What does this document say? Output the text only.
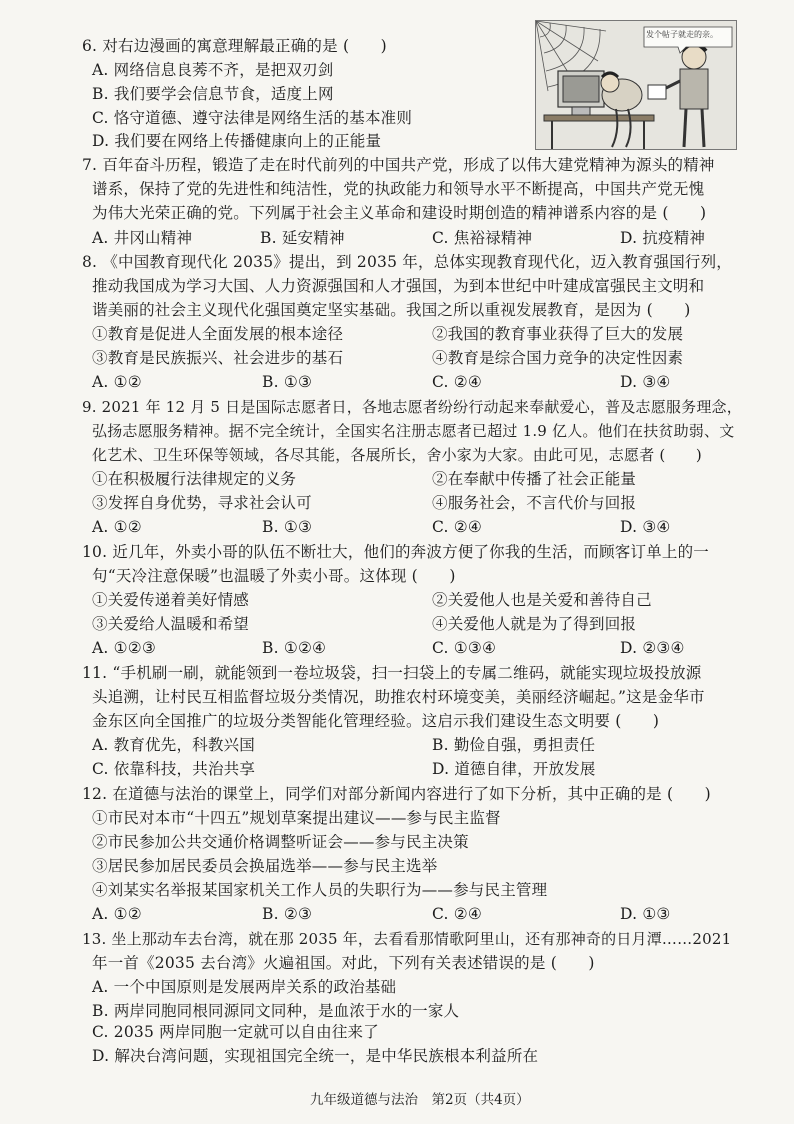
6. 对右边漫画的寓意理解最正确的是 (　　)
A. 网络信息良莠不齐，是把双刃剑
B. 我们要学会信息节食，适度上网
C. 恪守道德、遵守法律是网络生活的基本准则
D. 我们要在网络上传播健康向上的正能量
发个帖子就走的亲。
7. 百年奋斗历程，锻造了走在时代前列的中国共产党，形成了以伟大建党精神为源头的精神
谱系，保持了党的先进性和纯洁性，党的执政能力和领导水平不断提高，中国共产党无愧
为伟大光荣正确的党。下列属于社会主义革命和建设时期创造的精神谱系内容的是 (　　)
A. 井冈山精神	B. 延安精神	C. 焦裕禄精神	D. 抗疫精神
8. 《中国教育现代化 2035》提出，到 2035 年，总体实现教育现代化，迈入教育强国行列，
推动我国成为学习大国、人力资源强国和人才强国，为到本世纪中叶建成富强民主文明和
谐美丽的社会主义现代化强国奠定坚实基础。我国之所以重视发展教育，是因为 (　　)
①教育是促进人全面发展的根本途径	②我国的教育事业获得了巨大的发展
③教育是民族振兴、社会进步的基石	④教育是综合国力竞争的决定性因素
A. ①②	B. ①③	C. ②④	D. ③④
9. 2021 年 12 月 5 日是国际志愿者日，各地志愿者纷纷行动起来奉献爱心，普及志愿服务理念，
弘扬志愿服务精神。据不完全统计，全国实名注册志愿者已超过 1.9 亿人。他们在扶贫助弱、文
化艺术、卫生环保等领域，各尽其能，各展所长，舍小家为大家。由此可见，志愿者 (　　)
①在积极履行法律规定的义务	②在奉献中传播了社会正能量
③发挥自身优势，寻求社会认可	④服务社会，不言代价与回报
A. ①②	B. ①③	C. ②④	D. ③④
10. 近几年，外卖小哥的队伍不断壮大，他们的奔波方便了你我的生活，而顾客订单上的一
句“天冷注意保暖”也温暖了外卖小哥。这体现 (　　)
①关爱传递着美好情感	②关爱他人也是关爱和善待自己
③关爱给人温暖和希望	④关爱他人就是为了得到回报
A. ①②③	B. ①②④	C. ①③④	D. ②③④
11. “手机刷一刷，就能领到一卷垃圾袋，扫一扫袋上的专属二维码，就能实现垃圾投放源
头追溯，让村民互相监督垃圾分类情况，助推农村环境变美，美丽经济崛起。”这是金华市
金东区向全国推广的垃圾分类智能化管理经验。这启示我们建设生态文明要 (　　)
A. 教育优先，科教兴国	B. 勤俭自强，勇担责任
C. 依靠科技，共治共享	D. 道德自律，开放发展
12. 在道德与法治的课堂上，同学们对部分新闻内容进行了如下分析，其中正确的是 (　　)
①市民对本市“十四五”规划草案提出建议——参与民主监督
②市民参加公共交通价格调整听证会——参与民主决策
③居民参加居民委员会换届选举——参与民主选举
④刘某实名举报某国家机关工作人员的失职行为——参与民主管理
A. ①②	B. ②③	C. ②④	D. ①③
13. 坐上那动车去台湾，就在那 2035 年，去看看那情歌阿里山，还有那神奇的日月潭……2021
年一首《2035 去台湾》火遍祖国。对此，下列有关表述错误的是 (　　)
A. 一个中国原则是发展两岸关系的政治基础
B. 两岸同胞同根同源同文同种，是血浓于水的一家人
C. 2035 两岸同胞一定就可以自由往来了
D. 解决台湾问题，实现祖国完全统一，是中华民族根本利益所在
九年级道德与法治　第2页（共4页）
